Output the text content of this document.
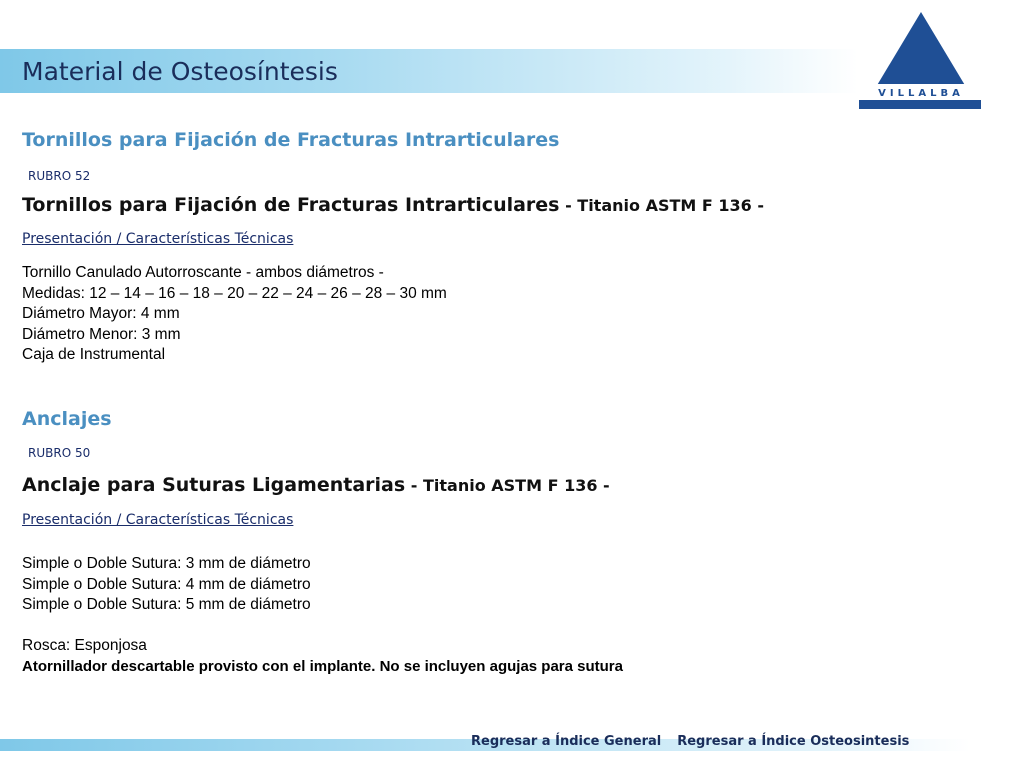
Material de Osteosíntesis
VILLALBA
Tornillos para Fijación de Fracturas Intrarticulares
RUBRO 52
Tornillos para Fijación de Fracturas Intrarticulares - Titanio ASTM F 136 -
Presentación / Características Técnicas
Tornillo Canulado Autorroscante - ambos diámetros -
Medidas: 12 – 14 – 16 – 18 – 20 – 22 – 24 – 26 – 28 – 30 mm
Diámetro Mayor: 4 mm
Diámetro Menor: 3 mm
Caja de Instrumental
Anclajes
RUBRO 50
Anclaje para Suturas Ligamentarias - Titanio ASTM F 136 -
Presentación / Características Técnicas
Simple o Doble Sutura: 3 mm de diámetro
Simple o Doble Sutura: 4 mm de diámetro
Simple o Doble Sutura: 5 mm de diámetro
Rosca: Esponjosa
Atornillador descartable provisto con el implante. No se incluyen agujas para sutura
Regresar a Índice General Regresar a Índice Osteosintesis
